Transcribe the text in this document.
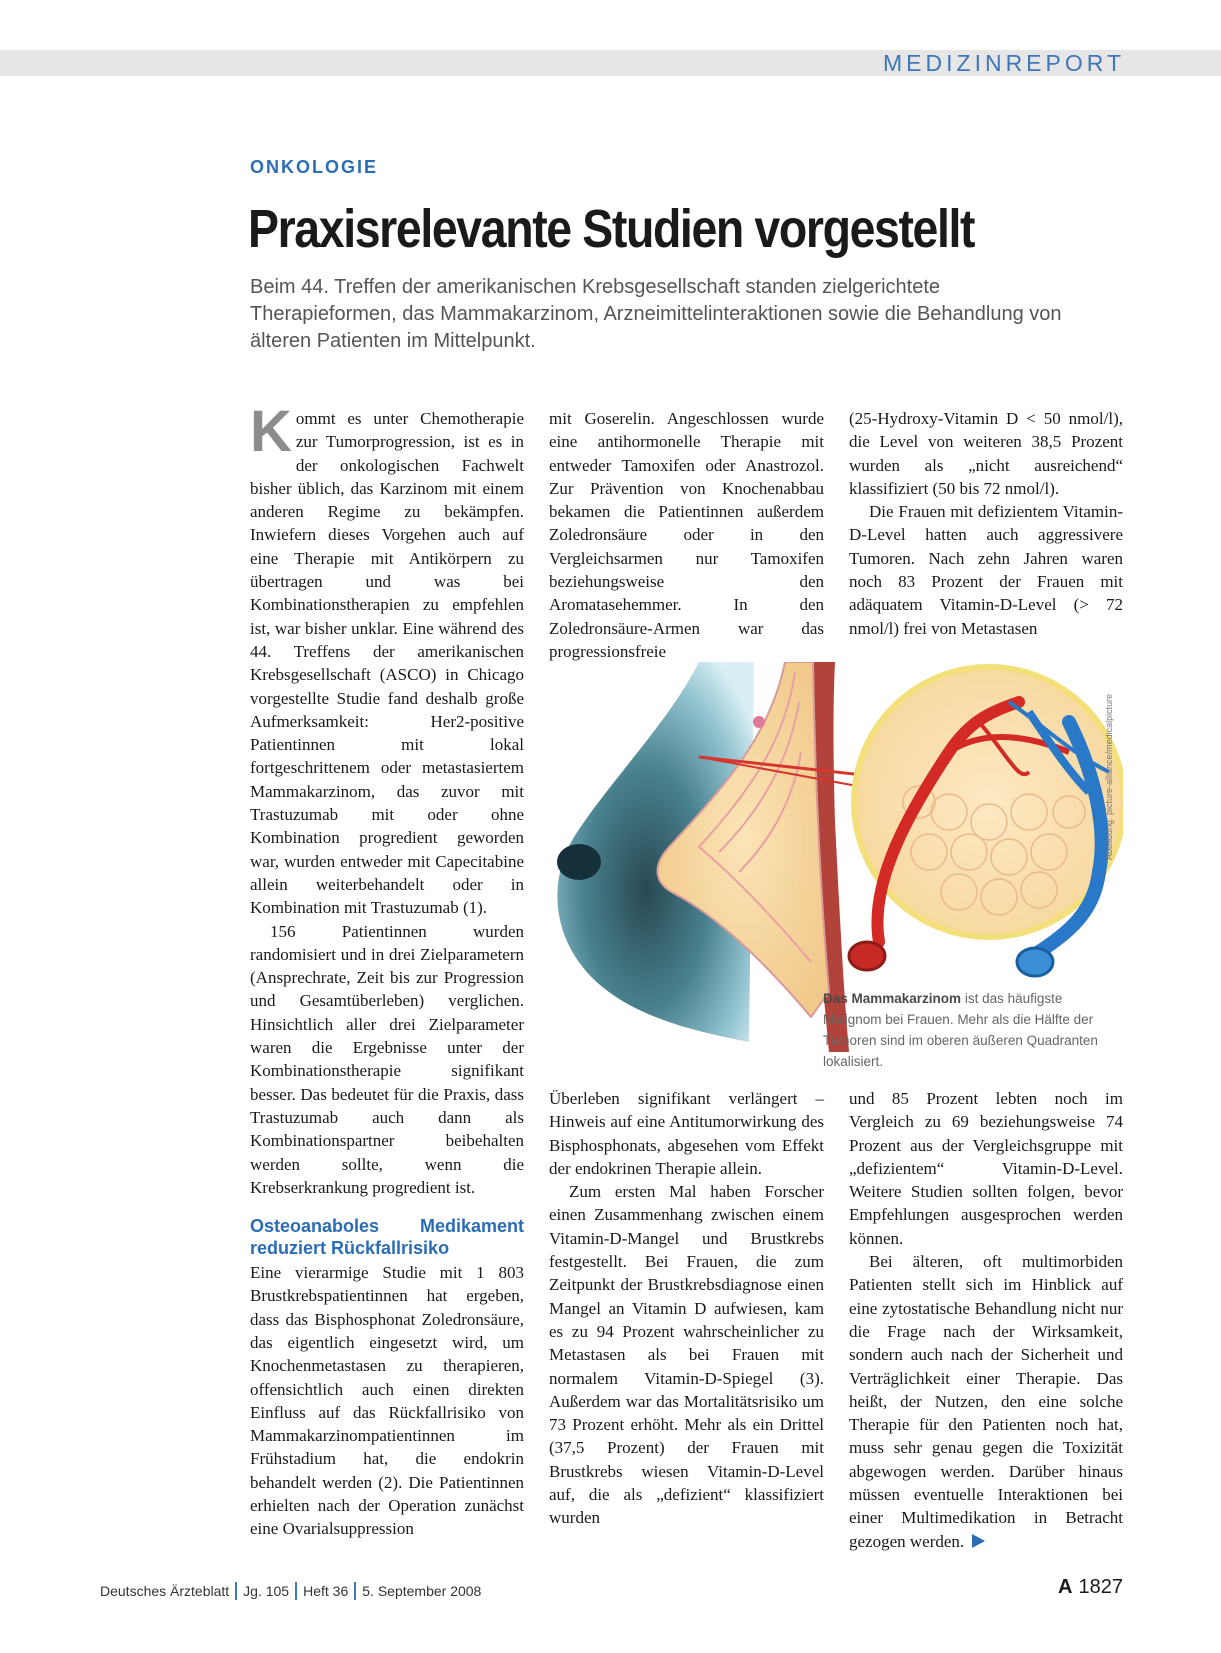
MEDIZINREPORT
ONKOLOGIE
Praxisrelevante Studien vorgestellt

Beim 44. Treffen der amerikanischen Krebsgesellschaft standen zielgerichtete Therapieformen, das Mammakarzinom, Arzneimittelinteraktionen sowie die Behandlung von älteren Patienten im Mittelpunkt.

Kommt es unter Chemotherapie zur Tumorprogression, ist es in der onkologischen Fachwelt bisher üblich, das Karzinom mit einem anderen Regime zu bekämpfen. Inwiefern dieses Vorgehen auch auf eine Therapie mit Antikörpern zu übertragen und was bei Kombinationstherapien zu empfehlen ist, war bisher unklar. Eine während des 44. Treffens der amerikanischen Krebsgesellschaft (ASCO) in Chicago vorgestellte Studie fand deshalb große Aufmerksamkeit: Her2-positive Patientinnen mit lokal fortgeschrittenem oder metastasiertem Mammakarzinom, das zuvor mit Trastuzumab mit oder ohne Kombination progredient geworden war, wurden entweder mit Capecitabine allein weiterbehandelt oder in Kombination mit Trastuzumab (1).

156 Patientinnen wurden randomisiert und in drei Zielparametern (Ansprechrate, Zeit bis zur Progression und Gesamtüberleben) verglichen. Hinsichtlich aller drei Zielparameter waren die Ergebnisse unter der Kombinationstherapie signifikant besser. Das bedeutet für die Praxis, dass Trastuzumab auch dann als Kombinationspartner beibehalten werden sollte, wenn die Krebserkrankung progredient ist.

Osteoanaboles Medikament reduziert Rückfallrisiko

Eine vierarmige Studie mit 1 803 Brustkrebspatientinnen hat ergeben, dass das Bisphosphonat Zoledronsäure, das eigentlich eingesetzt wird, um Knochenmetastasen zu therapieren, offensichtlich auch einen direkten Einfluss auf das Rückfallrisiko von Mammakarzinompatientinnen im Frühstadium hat, die endokrin behandelt werden (2). Die Patientinnen erhielten nach der Operation zunächst eine Ovarialsuppression

mit Goserelin. Angeschlossen wurde eine antihormonelle Therapie mit entweder Tamoxifen oder Anastrozol. Zur Prävention von Knochenabbau bekamen die Patientinnen außerdem Zoledronsäure oder in den Vergleichsarmen nur Tamoxifen beziehungsweise den Aromatasehemmer. In den Zoledronsäure-Armen war das progressionsfreie

(25-Hydroxy-Vitamin D < 50 nmol/l), die Level von weiteren 38,5 Prozent wurden als „nicht ausreichend“ klassifiziert (50 bis 72 nmol/l).

Die Frauen mit defizientem Vitamin-D-Level hatten auch aggressivere Tumoren. Nach zehn Jahren waren noch 83 Prozent der Frauen mit adäquatem Vitamin-D-Level (> 72 nmol/l) frei von Metastasen

Abbildung: picture-alliance/medicalpicture
Das Mammakarzinom ist das häufigste Malignom bei Frauen. Mehr als die Hälfte der Tumoren sind im oberen äußeren Quadranten lokalisiert.

Überleben signifikant verlängert – Hinweis auf eine Antitumorwirkung des Bisphosphonats, abgesehen vom Effekt der endokrinen Therapie allein.

Zum ersten Mal haben Forscher einen Zusammenhang zwischen einem Vitamin-D-Mangel und Brustkrebs festgestellt. Bei Frauen, die zum Zeitpunkt der Brustkrebsdiagnose einen Mangel an Vitamin D aufwiesen, kam es zu 94 Prozent wahrscheinlicher zu Metastasen als bei Frauen mit normalem Vitamin-D-Spiegel (3). Außerdem war das Mortalitätsrisiko um 73 Prozent erhöht. Mehr als ein Drittel (37,5 Prozent) der Frauen mit Brustkrebs wiesen Vitamin-D-Level auf, die als „defizient“ klassifiziert wurden

und 85 Prozent lebten noch im Vergleich zu 69 beziehungsweise 74 Prozent aus der Vergleichsgruppe mit „defizientem“ Vitamin-D-Level. Weitere Studien sollten folgen, bevor Empfehlungen ausgesprochen werden können.

Bei älteren, oft multimorbiden Patienten stellt sich im Hinblick auf eine zytostatische Behandlung nicht nur die Frage nach der Wirksamkeit, sondern auch nach der Sicherheit und Verträglichkeit einer Therapie. Das heißt, der Nutzen, den eine solche Therapie für den Patienten noch hat, muss sehr genau gegen die Toxizität abgewogen werden. Darüber hinaus müssen eventuelle Interaktionen bei einer Multimedikation in Betracht gezogen werden.

Deutsches Ärzteblatt Jg. 105 Heft 36 5. September 2008	A 1827
